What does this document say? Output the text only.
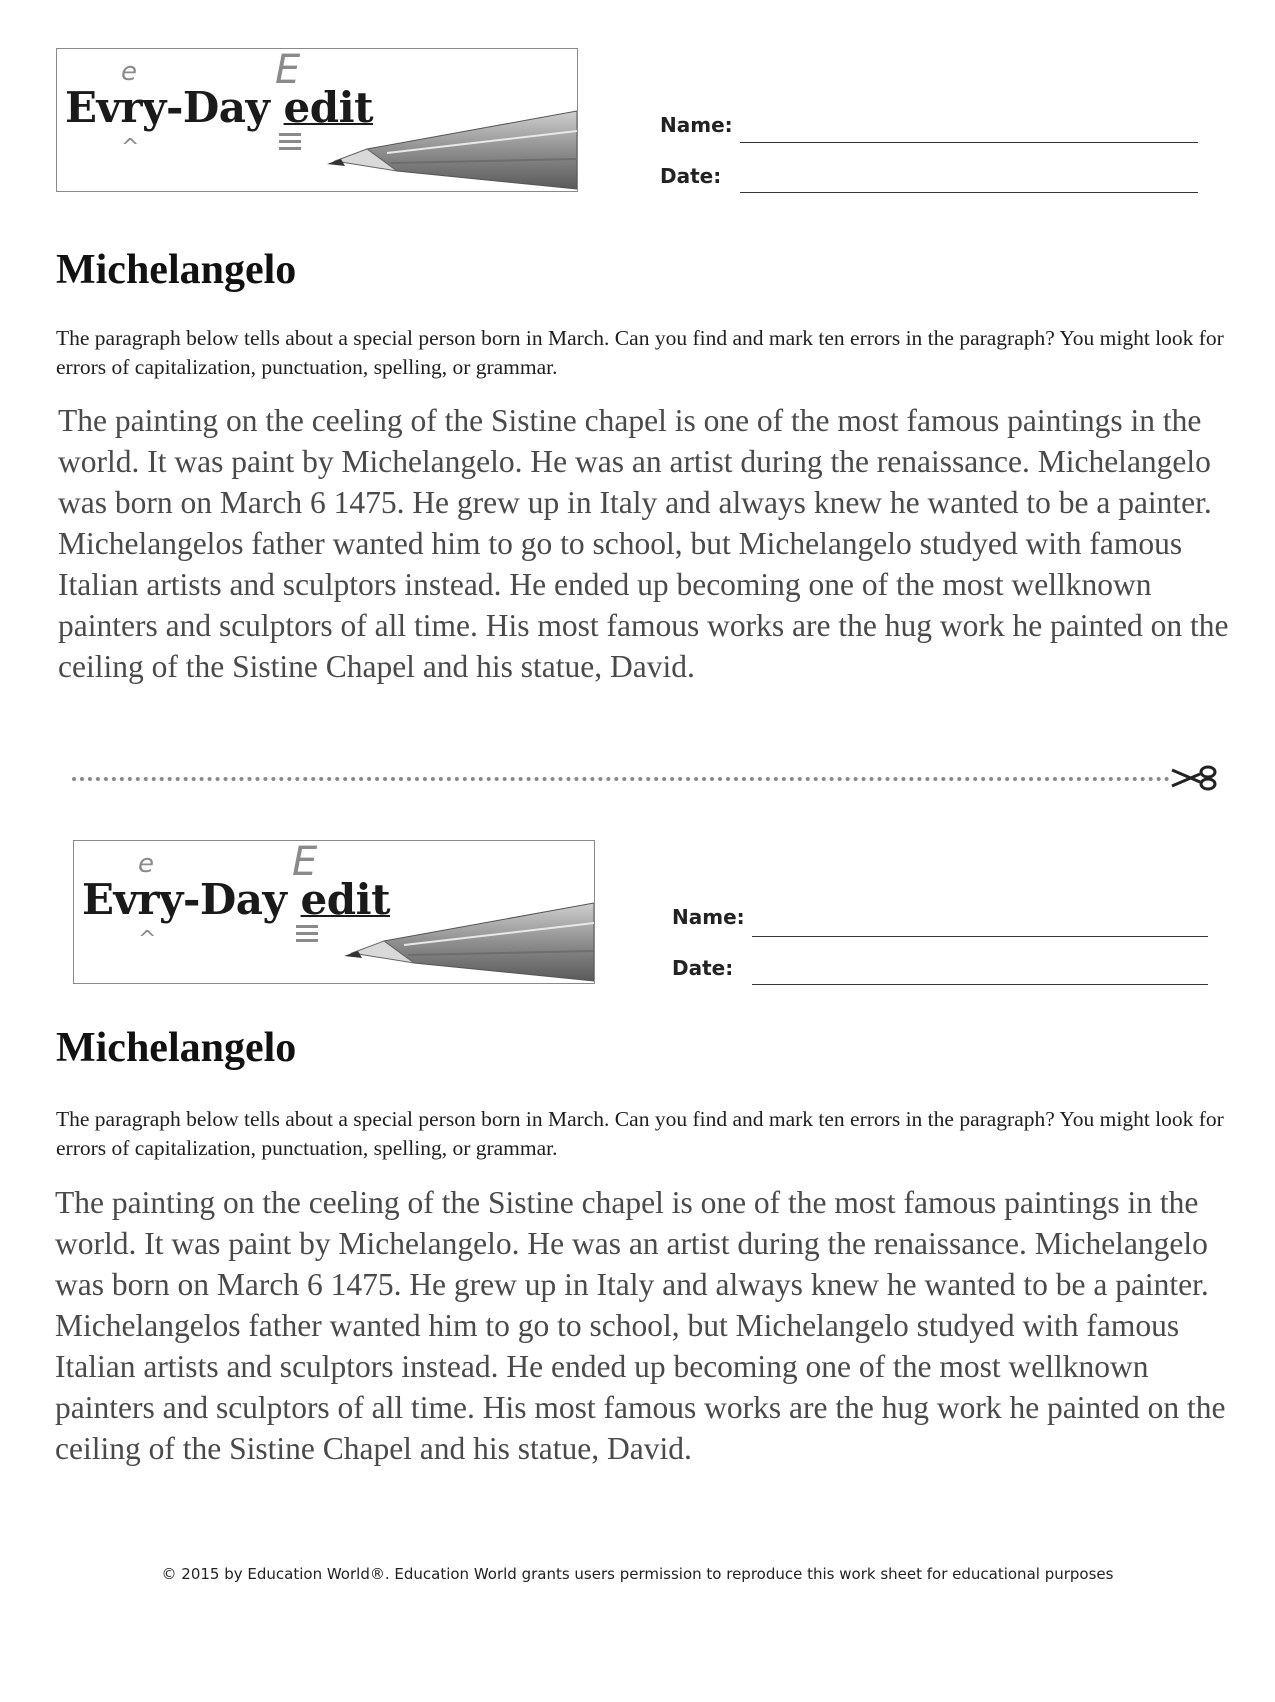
e	E
Evry-Day edit
^
Name:
Date:
Michelangelo
The paragraph below tells about a special person born in March. Can you find and mark ten errors in the paragraph? You might look for errors of capitalization, punctuation, spelling, or grammar.
The painting on the ceeling of the Sistine chapel is one of the most famous paintings in the world. It was paint by Michelangelo. He was an artist during the renaissance. Michelangelo was born on March 6 1475. He grew up in Italy and always knew he wanted to be a painter. Michelangelos father wanted him to go to school, but Michelangelo studyed with famous Italian artists and sculptors instead. He ended up becoming one of the most wellknown painters and sculptors of all time. His most famous works are the hug work he painted on the ceiling of the Sistine Chapel and his statue, David.
e	E
Evry-Day edit
^
Name:
Date:
Michelangelo
The paragraph below tells about a special person born in March. Can you find and mark ten errors in the paragraph? You might look for errors of capitalization, punctuation, spelling, or grammar.
The painting on the ceeling of the Sistine chapel is one of the most famous paintings in the world. It was paint by Michelangelo. He was an artist during the renaissance. Michelangelo was born on March 6 1475. He grew up in Italy and always knew he wanted to be a painter. Michelangelos father wanted him to go to school, but Michelangelo studyed with famous Italian artists and sculptors instead. He ended up becoming one of the most wellknown painters and sculptors of all time. His most famous works are the hug work he painted on the ceiling of the Sistine Chapel and his statue, David.
© 2015 by Education World®. Education World grants users permission to reproduce this work sheet for educational purposes
